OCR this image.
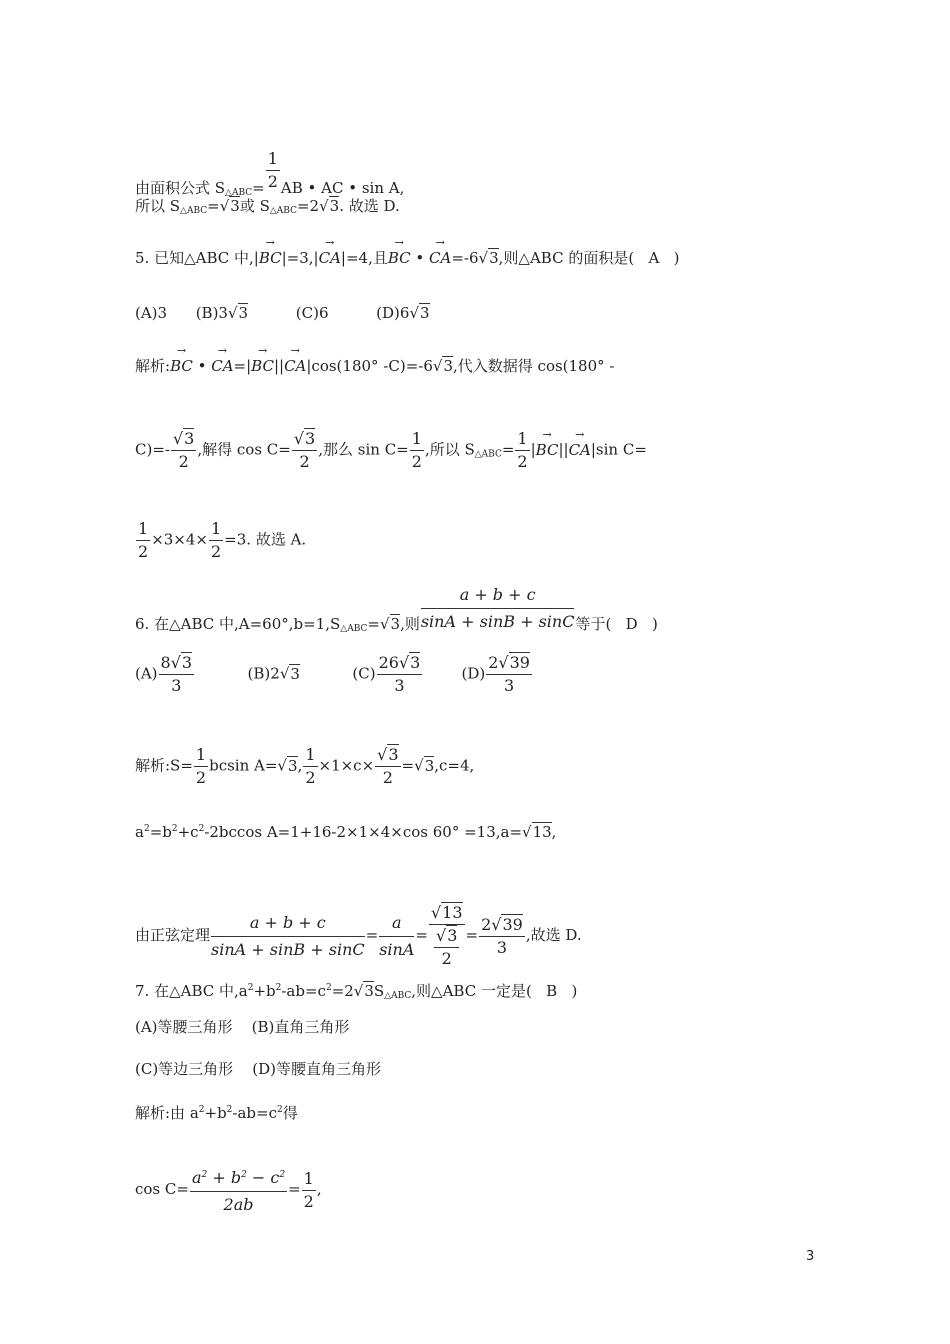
由面积公式 $S_{\triangle ABC}= \frac{1}{2}$ AB • AC • sin A,
所以 $S_{\triangle ABC}=√3$或 $S_{\triangle ABC}=2√3$. 故选 D.
5. 已知△ABC 中,|→ BC|=3,|→ CA|=4,且→ BC • → CA=-6√3,则△ABC 的面积是(   A   )
(A)3      (B)3√3          (C)6          (D)6√3
解析:→ BC • → CA=|→ BC||→ CA|cos(180° -C)=-6√3,代入数据得 cos(180° -
$C)=- \frac{√3}{2}$ ,解得 $\cos C= \frac{√3}{2}$ ,那么 $\sin C= \frac{1}{2}$ ,所以 $S_{\triangle ABC}= \frac{1}{2}$ |→ BC||→ CA|sin C=
$\frac{1}{2} \times 3\times 4\times \frac{1}{2} =3$. 故选 A.
6. 在△ABC 中$,A=60^\circ,b=1,S_{\triangle ABC}=√3$,则 $\frac{a + b + c}{\sin A + \sin B + \sin C}$ 等于(   D   )
$(A) \frac{8√3}{3} (B)2√3$           $(C) \frac{26√3}{3} (D) \frac{2√39}{3}$
解析:S= $\frac{1}{2}$ bcsin A=√3, $\frac{1}{2} \times 1\times c\times \frac{√3}{2} =√3,c=4$,
$a^2=b^2+c^2-2bccos$ A=1+16-2×1×4×cos 60° =13,a=√13,
由正弦定理 $\frac{a + b + c}{\sin A + \sin B + \sin C} = \frac{a}{\sin A} = \frac{√13}{\frac{√3}{2}} = \frac{2√39}{3}$ ,故选 D.
7. 在△ABC 中$,a^2+b^2-ab=c^2=2√3S_{\triangle ABC}$,则△ABC 一定是(   B   )
(A)等腰三角形    (B)直角三角形
(C)等边三角形    (D)等腰直角三角形
解析:由 $a^2+b^2-ab=c^2$得
$\cos C= \frac{a^2 + b^2 - c^2}{2ab} = \frac{1}{2}$ ,
3
